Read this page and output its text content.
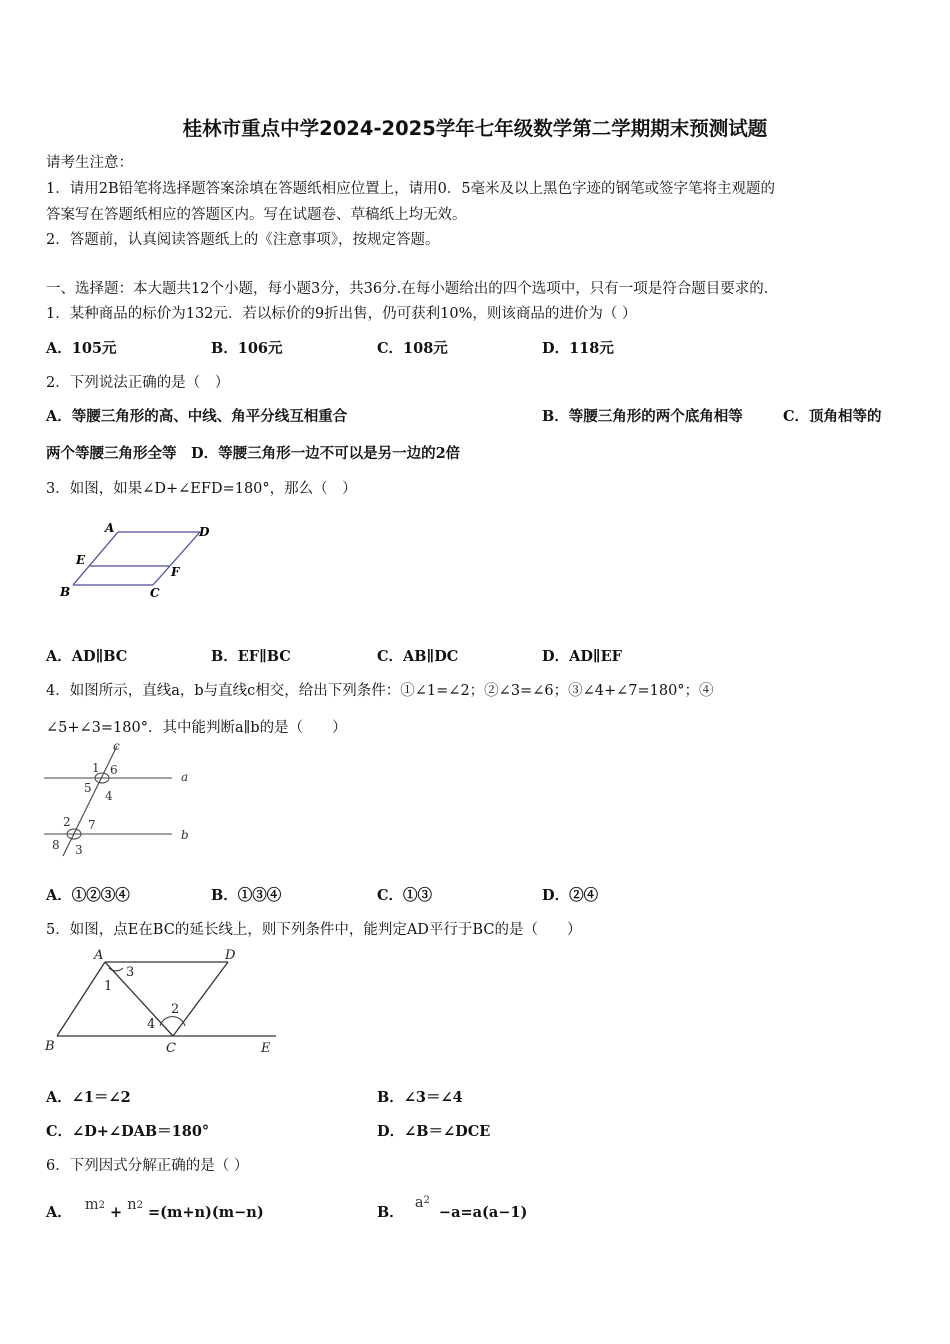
桂林市重点中学2024-2025学年七年级数学第二学期期末预测试题
请考生注意：
1．请用2B铅笔将选择题答案涂填在答题纸相应位置上，请用0．5毫米及以上黑色字迹的钢笔或签字笔将主观题的
答案写在答题纸相应的答题区内。写在试题卷、草稿纸上均无效。
2．答题前，认真阅读答题纸上的《注意事项》，按规定答题。
一、选择题：本大题共12个小题，每小题3分，共36分.在每小题给出的四个选项中，只有一项是符合题目要求的.
1．某种商品的标价为132元．若以标价的9折出售，仍可获利10%，则该商品的进价为（ ）
A．105元	B．106元	C．108元	D．118元
2．下列说法正确的是（　）
A．等腰三角形的高、中线、角平分线互相重合	B．等腰三角形的两个底角相等	C．顶角相等的
两个等腰三角形全等　D．等腰三角形一边不可以是另一边的2倍
3．如图，如果∠D+∠EFD=180°，那么（　）
A	D
E
F
B	C
A．AD∥BC	B．EF∥BC	C．AB∥DC	D．AD∥EF
4．如图所示，直线a，b与直线c相交，给出下列条件：①∠1=∠2；②∠3=∠6；③∠4+∠7=180°；④
∠5+∠3=180°．其中能判断a∥b的是（　　）
c
1 6	a
5
4
2 7
b
8 3
A．①②③④	B．①③④	C．①③	D．②④
5．如图，点E在BC的延长线上，则下列条件中，能判定AD平行于BC的是（　　）
A	D
3
1
2
4
B	C	E
A．∠1＝∠2	B．∠3＝∠4
C．∠D+∠DAB＝180°	D．∠B＝∠DCE
6．下列因式分解正确的是（ ）
A． $m^2 + n^2 =(m+n)(m-n)$	B． $a^2 -a=a(a-1)$
